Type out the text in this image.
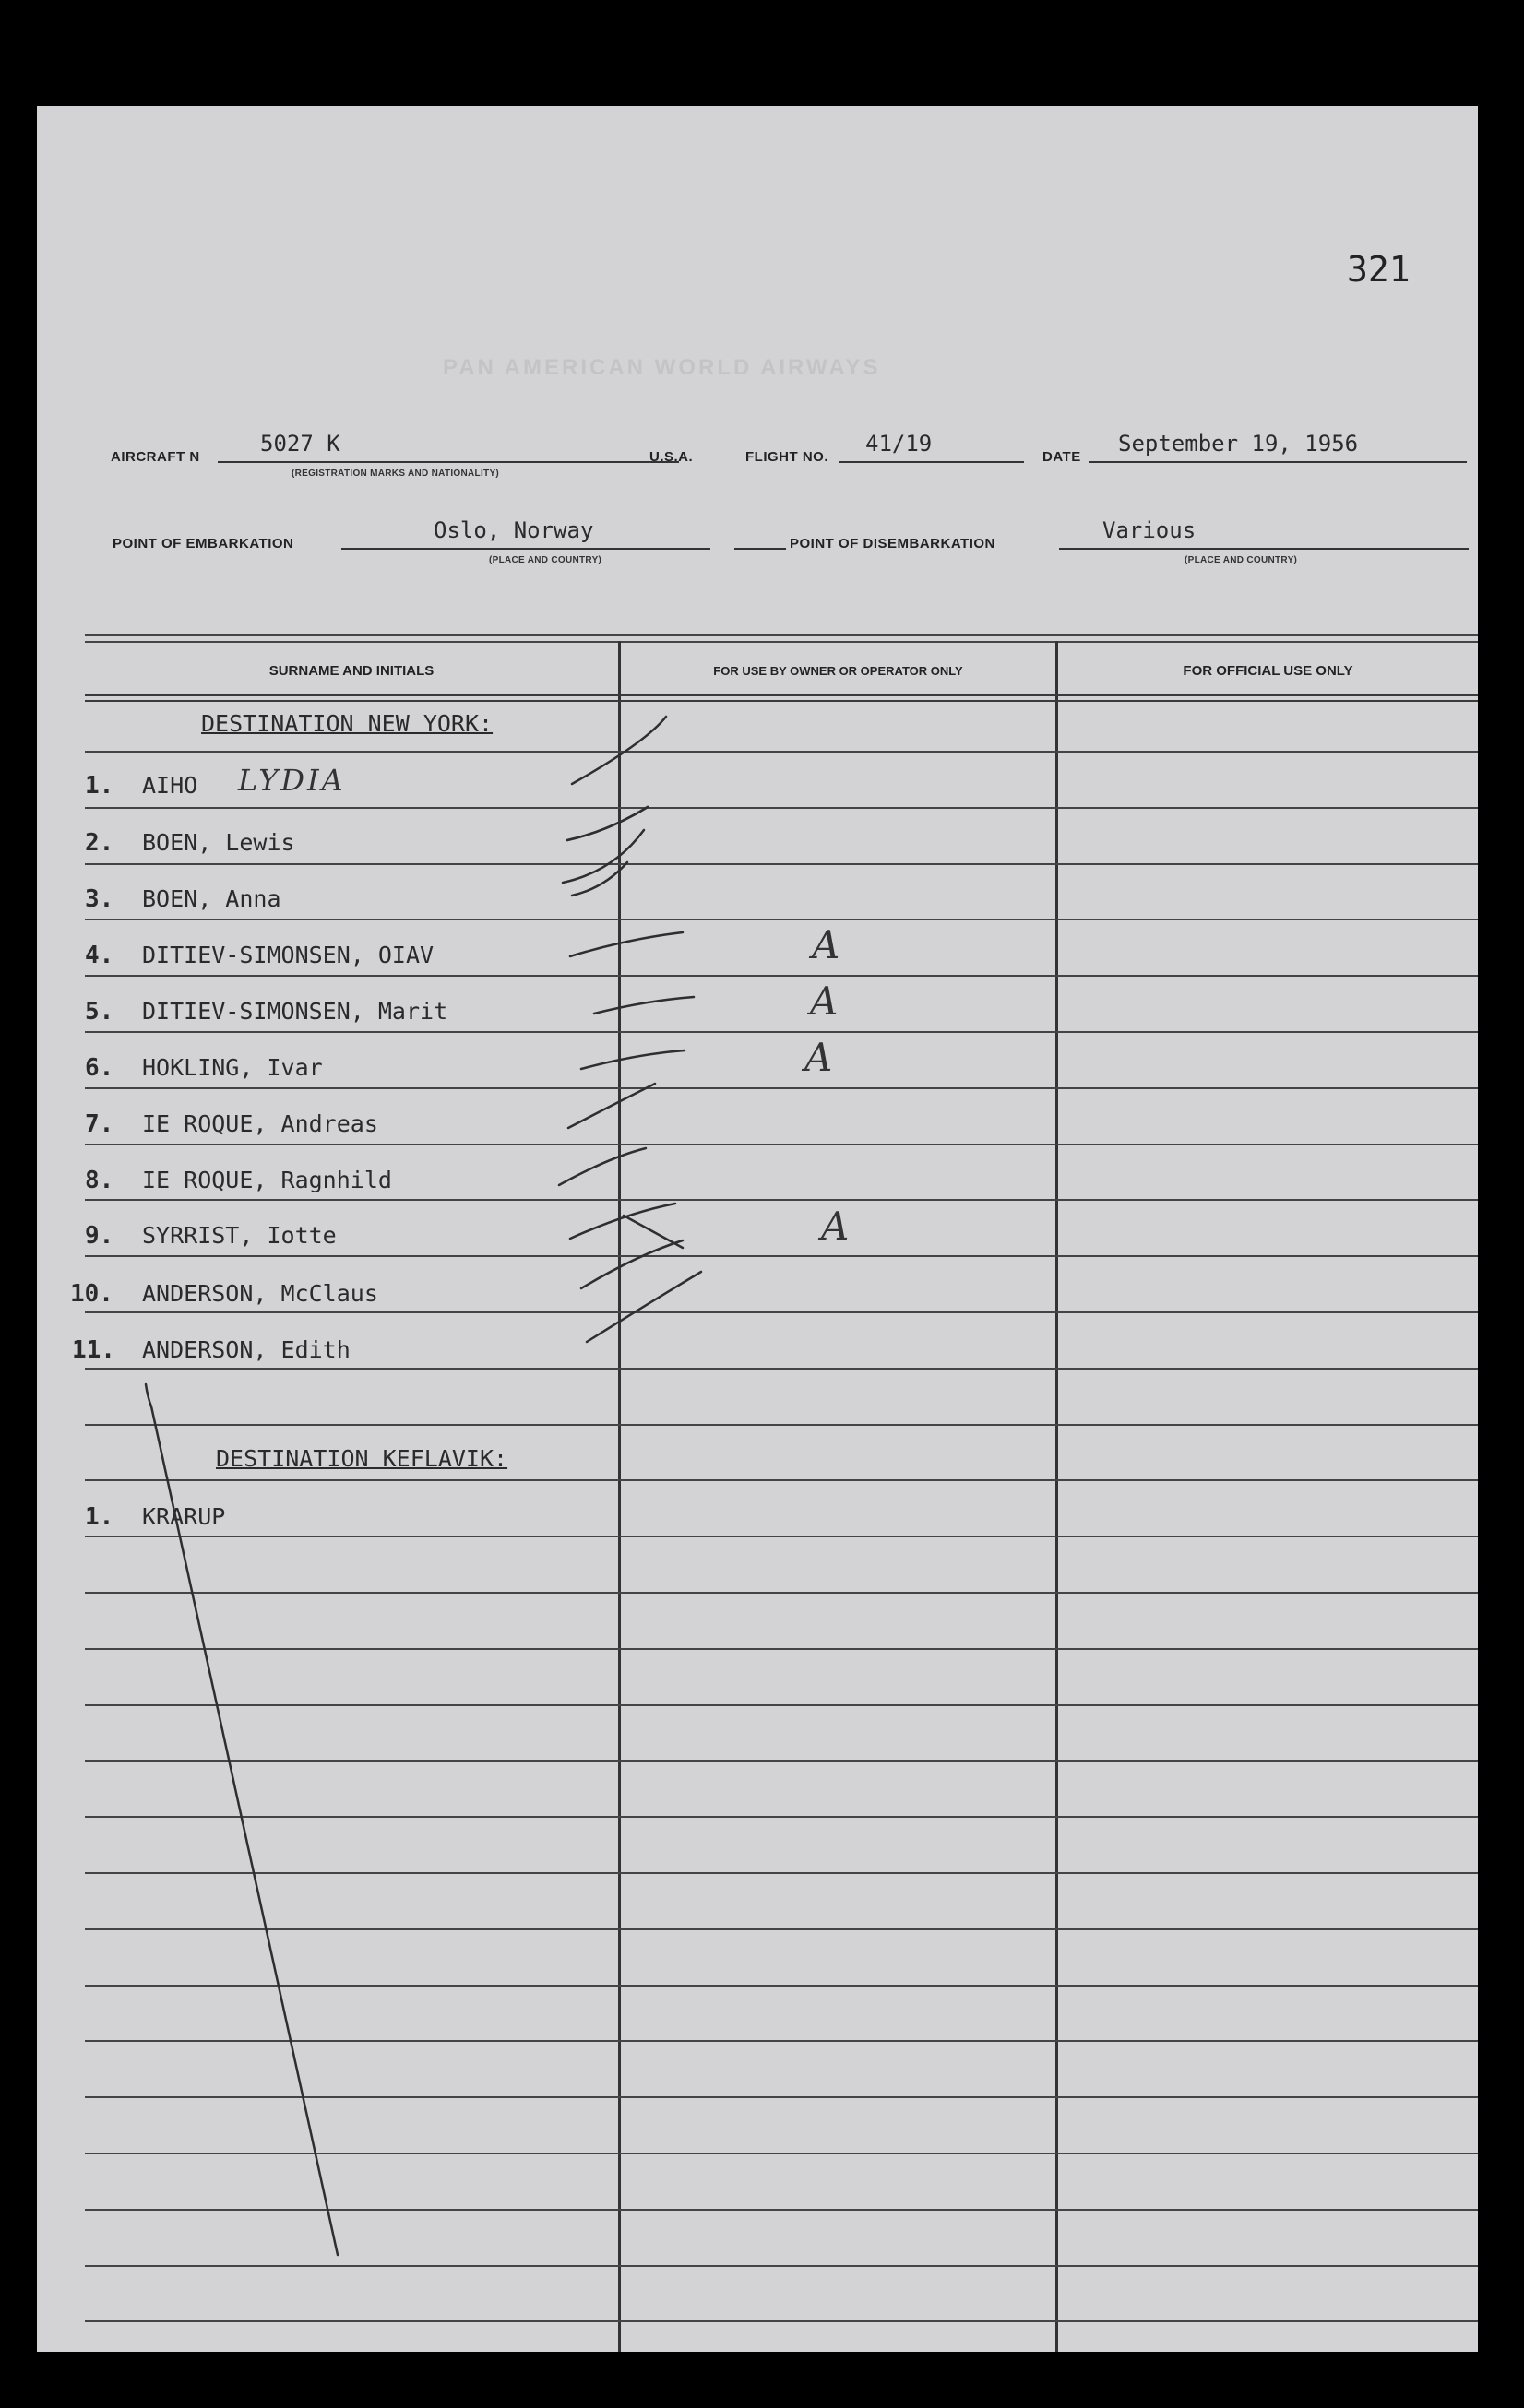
321
PAN AMERICAN WORLD AIRWAYS
AIRCRAFT N
5027 K
(REGISTRATION MARKS AND NATIONALITY)
U.S.A.	FLIGHT NO.
41/19
DATE
September 19, 1956
POINT OF EMBARKATION
Oslo, Norway
(PLACE AND COUNTRY)
POINT OF DISEMBARKATION
Various
(PLACE AND COUNTRY)
SURNAME AND INITIALS	FOR USE BY OWNER OR OPERATOR ONLY	FOR OFFICIAL USE ONLY
DESTINATION NEW YORK:
1. AIHO LYDIA
2. BOEN, Lewis
3. BOEN, Anna
4. DITIEV-SIMONSEN, OIAV	A
5. DITIEV-SIMONSEN, Marit	A
6. HOKLING, Ivar	A
7. IE ROQUE, Andreas
8. IE ROQUE, Ragnhild
9. SYRRIST, Iotte	A
10. ANDERSON, McClaus
11. ANDERSON, Edith
DESTINATION KEFLAVIK:
1. KRARUP
